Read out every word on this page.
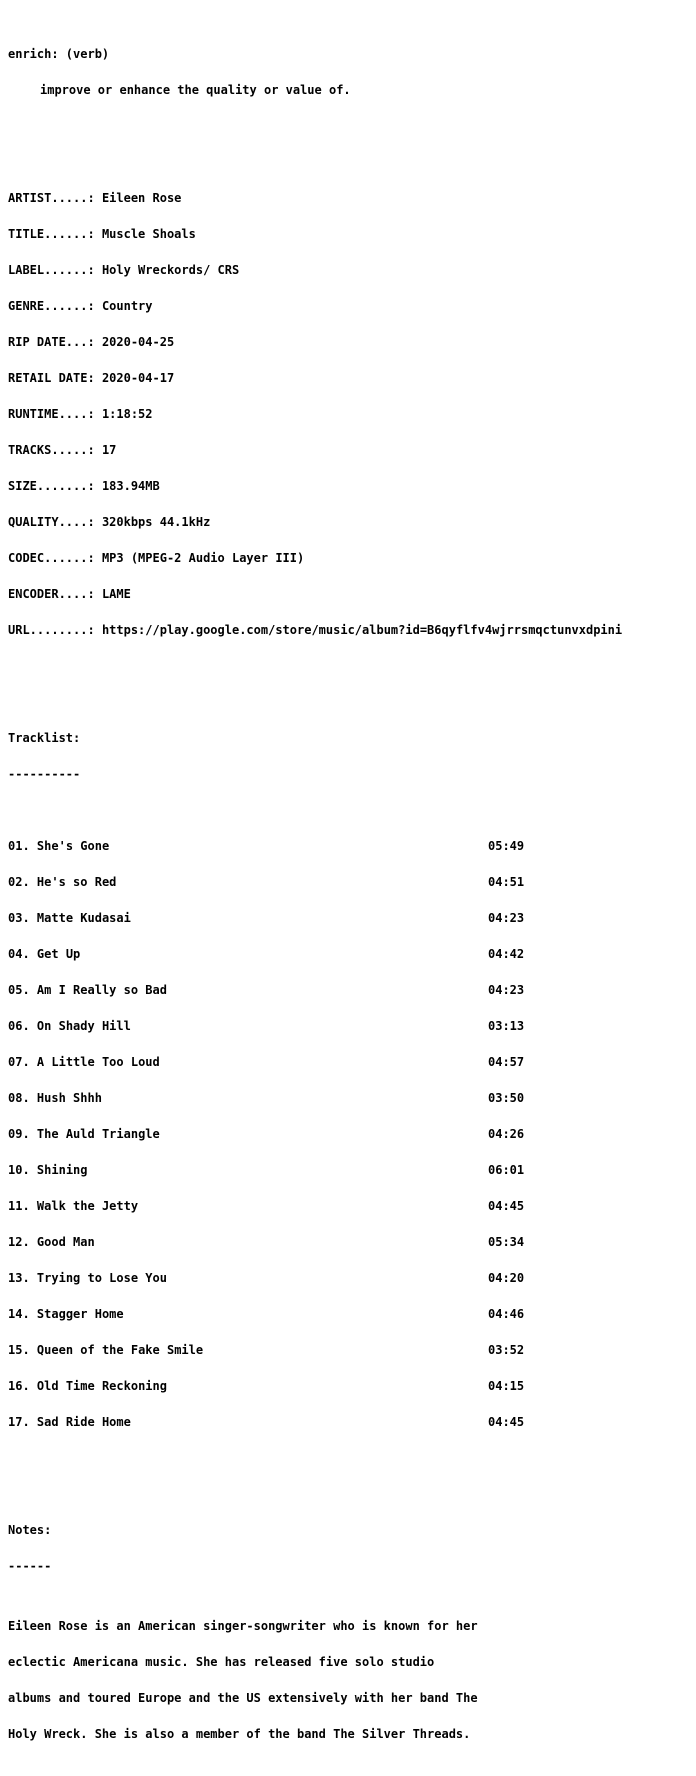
enrich: (verb)

improve or enhance the quality or value of.

ARTIST.....: Eileen Rose

TITLE......: Muscle Shoals

LABEL......: Holy Wreckords/ CRS

GENRE......: Country

RIP DATE...: 2020-04-25

RETAIL DATE: 2020-04-17

RUNTIME....: 1:18:52

TRACKS.....: 17

SIZE.......: 183.94MB

QUALITY....: 320kbps 44.1kHz

CODEC......: MP3 (MPEG-2 Audio Layer III)

ENCODER....: LAME

URL........: https://play.google.com/store/music/album?id=B6qyflfv4wjrrsmqctunvxdpini

Tracklist:

----------

01. She's Gone	05:49

02. He's so Red	04:51

03. Matte Kudasai	04:23

04. Get Up	04:42

05. Am I Really so Bad	04:23

06. On Shady Hill	03:13

07. A Little Too Loud	04:57

08. Hush Shhh	03:50

09. The Auld Triangle	04:26

10. Shining	06:01

11. Walk the Jetty	04:45

12. Good Man	05:34

13. Trying to Lose You	04:20

14. Stagger Home	04:46

15. Queen of the Fake Smile	03:52

16. Old Time Reckoning	04:15

17. Sad Ride Home	04:45

Notes:

------

Eileen Rose is an American singer-songwriter who is known for her

eclectic Americana music. She has released five solo studio

albums and toured Europe and the US extensively with her band The

Holy Wreck. She is also a member of the band The Silver Threads.
